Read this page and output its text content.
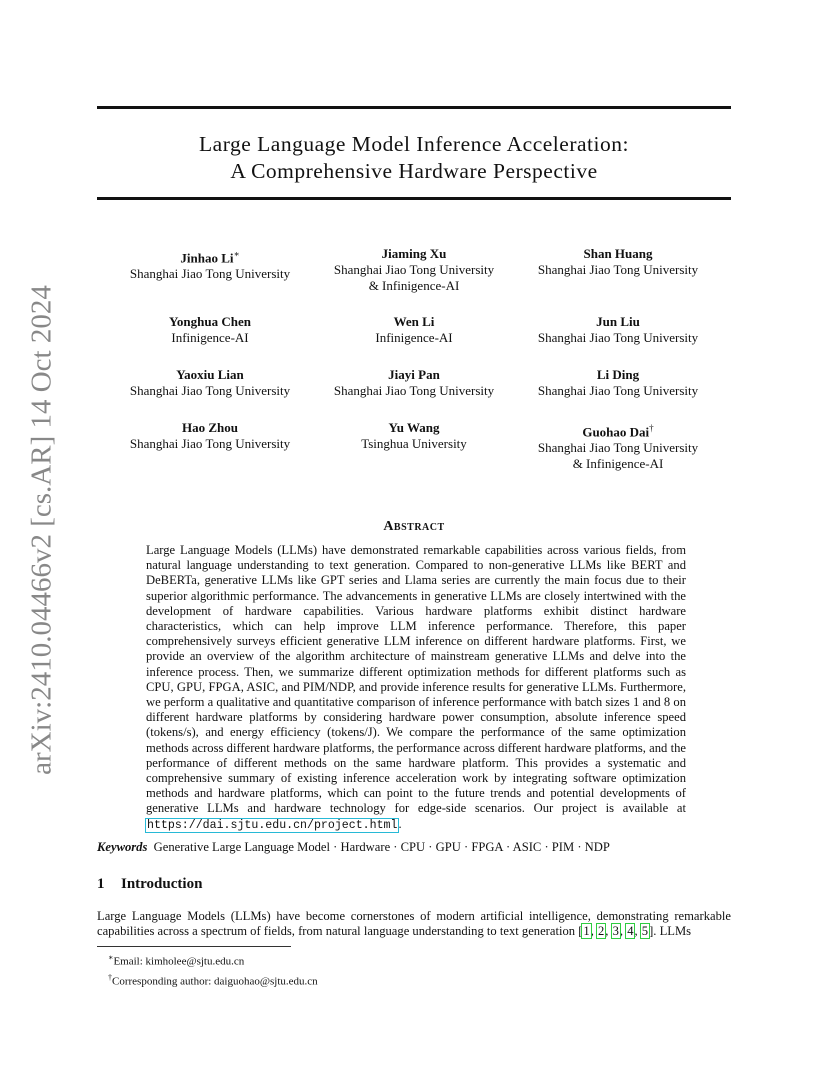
arXiv:2410.04466v2 [cs.AR] 14 Oct 2024
Large Language Model Inference Acceleration:
A Comprehensive Hardware Perspective
Jinhao Li∗
Shanghai Jiao Tong University
Jiaming Xu
Shanghai Jiao Tong University
& Infinigence-AI
Shan Huang
Shanghai Jiao Tong University
Yonghua Chen
Infinigence-AI
Wen Li
Infinigence-AI
Jun Liu
Shanghai Jiao Tong University
Yaoxiu Lian
Shanghai Jiao Tong University
Jiayi Pan
Shanghai Jiao Tong University
Li Ding
Shanghai Jiao Tong University
Hao Zhou
Shanghai Jiao Tong University
Yu Wang
Tsinghua University
Guohao Dai†
Shanghai Jiao Tong University
& Infinigence-AI
Abstract
Large Language Models (LLMs) have demonstrated remarkable capabilities across various fields, from natural language understanding to text generation. Compared to non-generative LLMs like BERT and DeBERTa, generative LLMs like GPT series and Llama series are currently the main focus due to their superior algorithmic performance. The advancements in generative LLMs are closely intertwined with the development of hardware capabilities. Various hardware platforms exhibit distinct hardware characteristics, which can help improve LLM inference performance. Therefore, this paper comprehensively surveys efficient generative LLM inference on different hardware platforms. First, we provide an overview of the algorithm architecture of mainstream generative LLMs and delve into the inference process. Then, we summarize different optimization methods for different platforms such as CPU, GPU, FPGA, ASIC, and PIM/NDP, and provide inference results for generative LLMs. Furthermore, we perform a qualitative and quantitative comparison of inference performance with batch sizes 1 and 8 on different hardware platforms by considering hardware power consumption, absolute inference speed (tokens/s), and energy efficiency (tokens/J). We compare the performance of the same optimization methods across different hardware platforms, the performance across different hardware platforms, and the performance of different methods on the same hardware platform. This provides a systematic and comprehensive summary of existing inference acceleration work by integrating software optimization methods and hardware platforms, which can point to the future trends and potential developments of generative LLMs and hardware technology for edge-side scenarios. Our project is available at https://dai.sjtu.edu.cn/project.html.
Keywords Generative Large Language Model · Hardware · CPU · GPU · FPGA · ASIC · PIM · NDP
1 Introduction
Large Language Models (LLMs) have become cornerstones of modern artificial intelligence, demonstrating remarkable capabilities across a spectrum of fields, from natural language understanding to text generation [1, 2, 3, 4, 5]. LLMs
∗Email: kimholee@sjtu.edu.cn
†Corresponding author: daiguohao@sjtu.edu.cn
